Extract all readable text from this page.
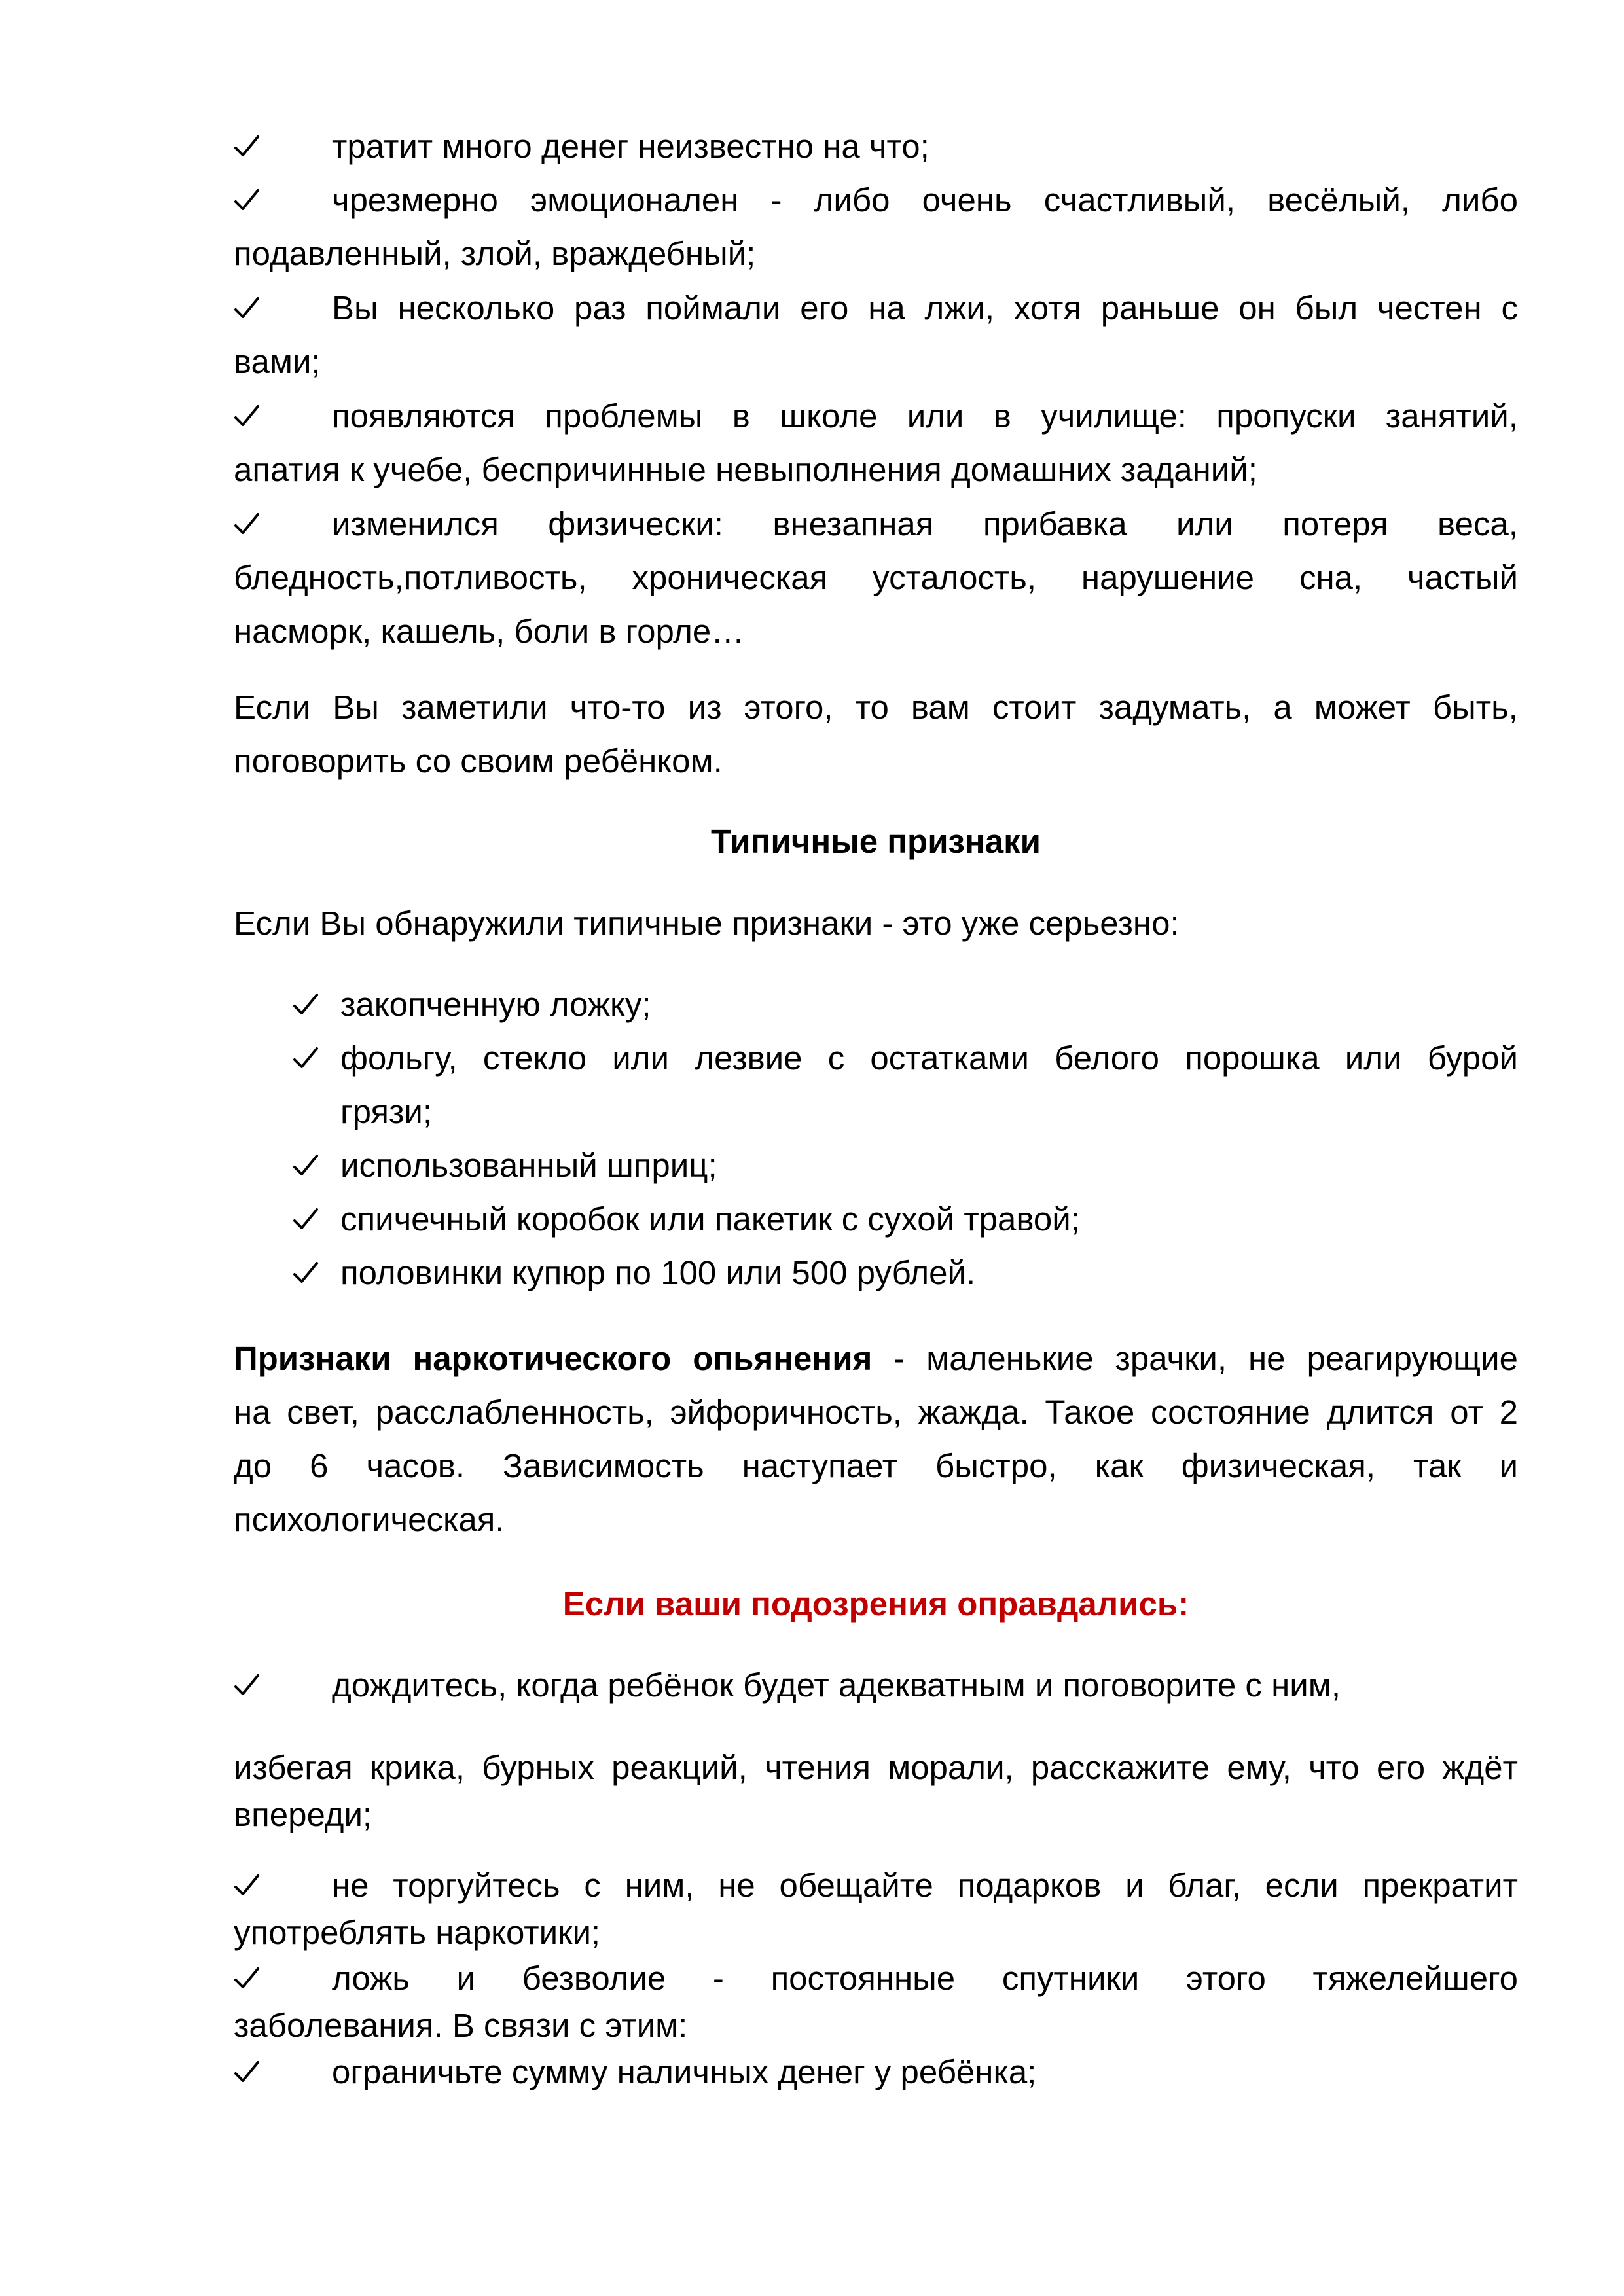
тратит много денег неизвестно на что;
чрезмерно эмоционален - либо очень счастливый, весёлый, либо
подавленный, злой, враждебный;
Вы несколько раз поймали его на лжи, хотя раньше он был честен с
вами;
появляются проблемы в школе или в училище: пропуски занятий,
апатия к учебе, беспричинные невыполнения домашних заданий;
изменился физически: внезапная прибавка или потеря веса,
бледность,потливость, хроническая усталость, нарушение сна, частый
насморк, кашель, боли в горле…
Если Вы заметили что-то из этого, то вам стоит задумать, а может быть,
поговорить со своим ребёнком.
Типичные признаки
Если Вы обнаружили типичные признаки - это уже серьезно:
закопченную ложку;
фольгу, стекло или лезвие с остатками белого порошка или бурой
грязи;
использованный шприц;
спичечный коробок или пакетик с сухой травой;
половинки купюр по 100 или 500 рублей.
Признаки наркотического опьянения - маленькие зрачки, не реагирующие
на свет, расслабленность, эйфоричность, жажда. Такое состояние длится от 2
до 6 часов. Зависимость наступает быстро, как физическая, так и
психологическая.
Если ваши подозрения оправдались:
дождитесь, когда ребёнок будет адекватным и поговорите с ним,
избегая крика, бурных реакций, чтения морали, расскажите ему, что его ждёт
впереди;
не торгуйтесь с ним, не обещайте подарков и благ, если прекратит
употреблять наркотики;
ложь и безволие - постоянные спутники этого тяжелейшего
заболевания. В связи с этим:
ограничьте сумму наличных денег у ребёнка;
